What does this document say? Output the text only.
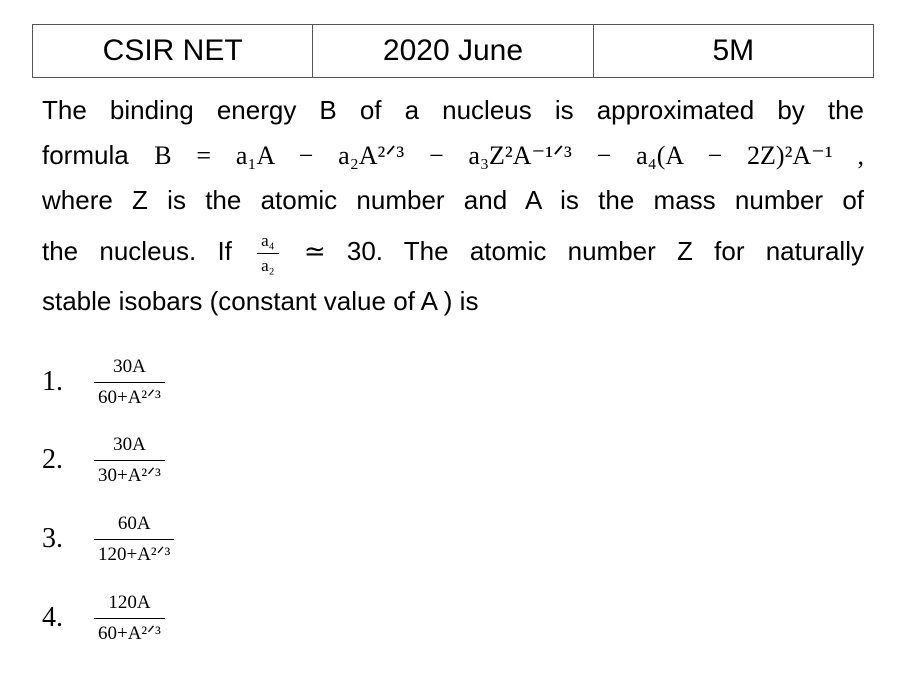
CSIR NET	2020 June	5M
The binding energy B of a nucleus is approximated by the
formula B = a₁A − a₂A²ᐟ³ − a₃Z²A⁻¹ᐟ³ − a₄(A − 2Z)²A⁻¹ ,
where Z is the atomic number and A is the mass number of
the nucleus. If $\frac{\text{a₄}}{\text{a₂}}$ ≃ 30. The atomic number Z for naturally
stable isobars (constant value of A ) is
1.	30A
60+A²ᐟ³
2.	30A
30+A²ᐟ³
3.	60A
120+A²ᐟ³
4.	120A
60+A²ᐟ³
